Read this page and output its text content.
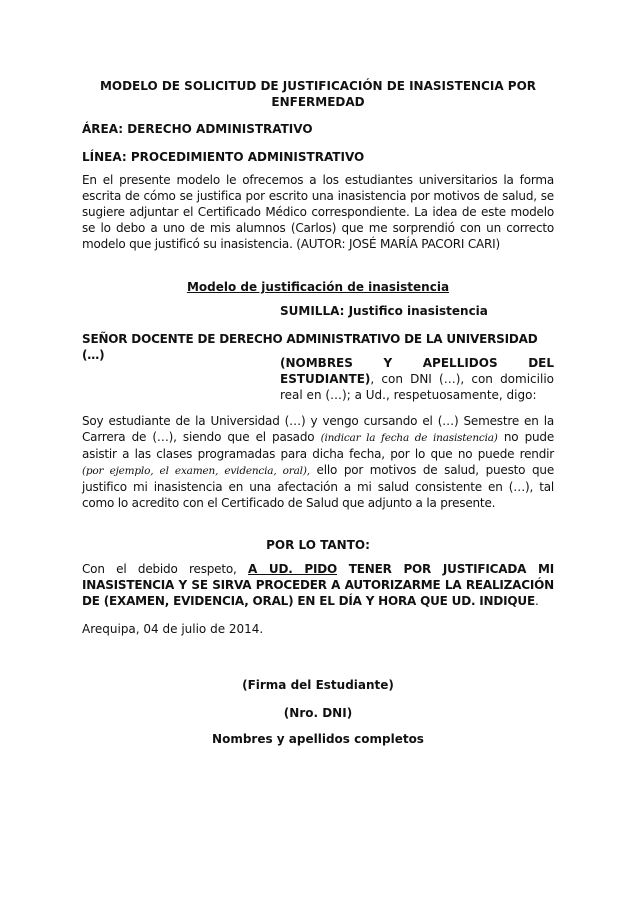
MODELO DE SOLICITUD DE JUSTIFICACIÓN DE INASISTENCIA POR
ENFERMEDAD
ÁREA: DERECHO ADMINISTRATIVO
LÍNEA: PROCEDIMIENTO ADMINISTRATIVO
En el presente modelo le ofrecemos a los estudiantes universitarios la forma escrita de cómo se justifica por escrito una inasistencia por motivos de salud, se sugiere adjuntar el Certificado Médico correspondiente. La idea de este modelo se lo debo a uno de mis alumnos (Carlos) que me sorprendió con un correcto modelo que justificó su inasistencia. (AUTOR: JOSÉ MARÍA PACORI CARI)
Modelo de justificación de inasistencia
SUMILLA: Justifico inasistencia
SEÑOR DOCENTE DE DERECHO ADMINISTRATIVO DE LA UNIVERSIDAD (…)
(NOMBRES Y APELLIDOS DEL ESTUDIANTE), con DNI (…), con domicilio real en (…); a Ud., respetuosamente, digo:
Soy estudiante de la Universidad (…) y vengo cursando el (…) Semestre en la Carrera de (…), siendo que el pasado (indicar la fecha de inasistencia) no pude asistir a las clases programadas para dicha fecha, por lo que no puede rendir (por ejemplo, el examen, evidencia, oral), ello por motivos de salud, puesto que justifico mi inasistencia en una afectación a mi salud consistente en (…), tal como lo acredito con el Certificado de Salud que adjunto a la presente.
POR LO TANTO:
Con el debido respeto, A UD. PIDO TENER POR JUSTIFICADA MI INASISTENCIA Y SE SIRVA PROCEDER A AUTORIZARME LA REALIZACIÓN DE (EXAMEN, EVIDENCIA, ORAL) EN EL DÍA Y HORA QUE UD. INDIQUE.
Arequipa, 04 de julio de 2014.
(Firma del Estudiante)
(Nro. DNI)
Nombres y apellidos completos
